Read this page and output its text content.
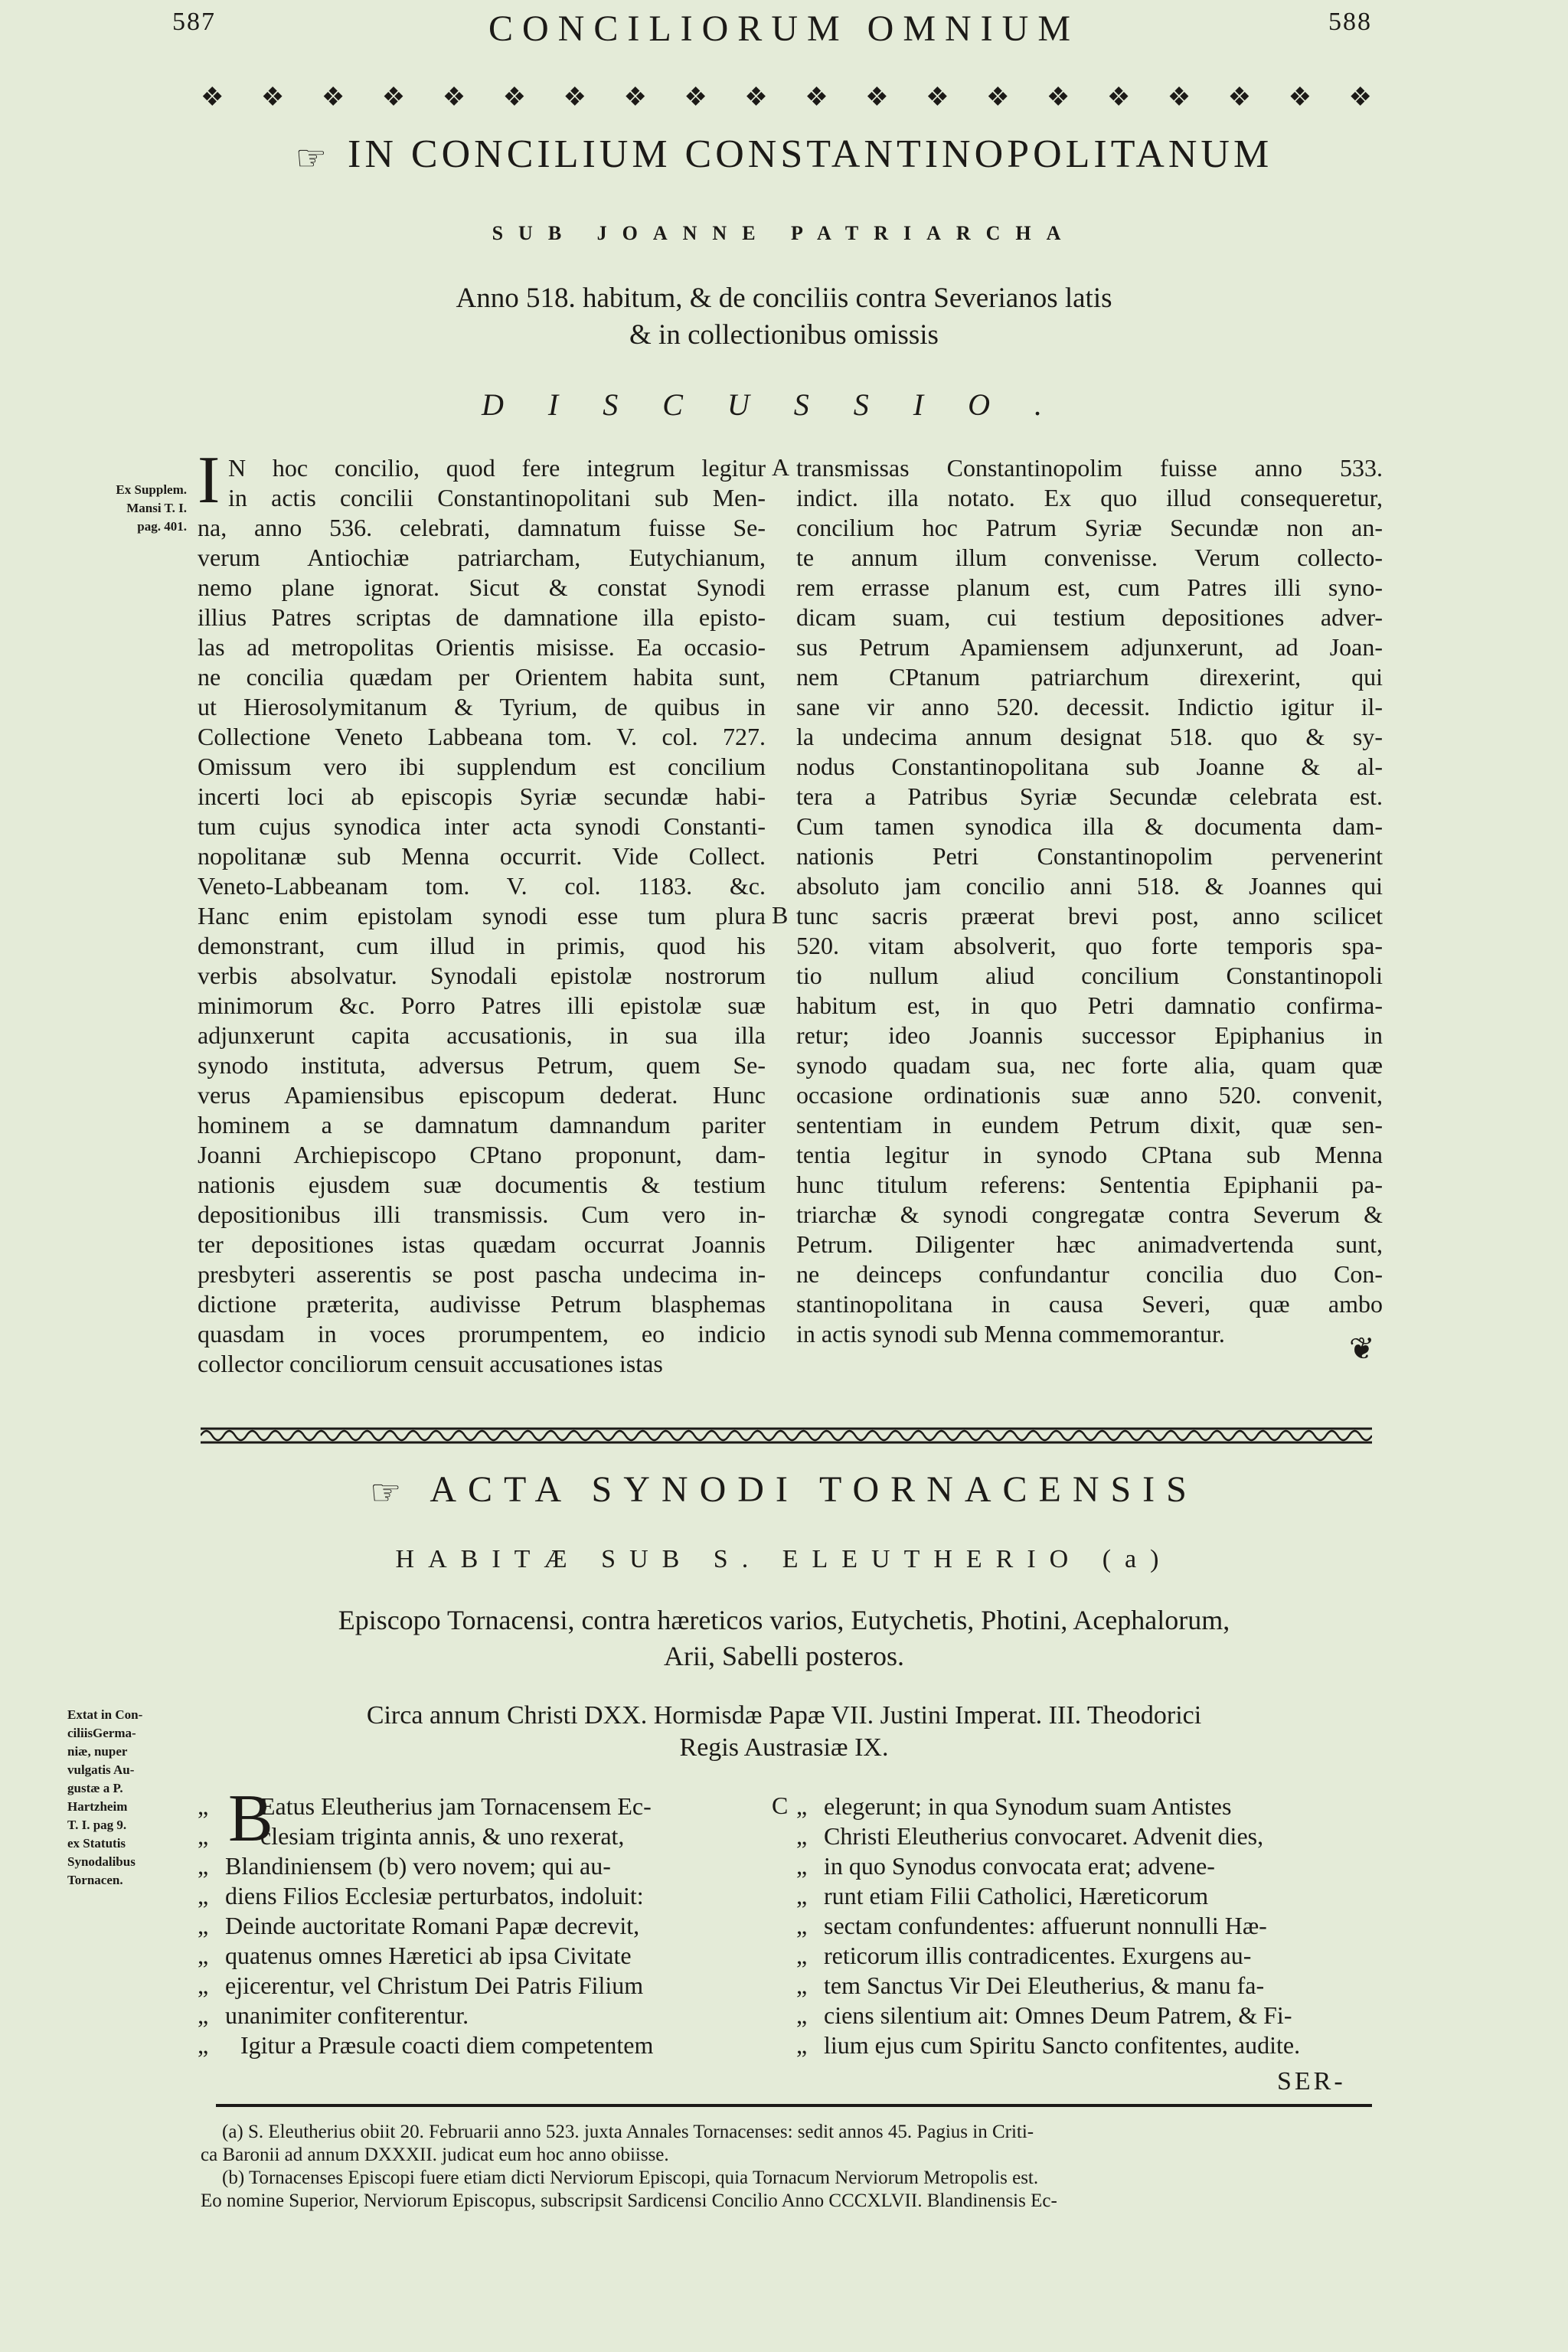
587	CONCILIORUM OMNIUM	588
❖ ❖ ❖ ❖ ❖ ❖ ❖ ❖ ❖ ❖ ❖ ❖ ❖ ❖ ❖ ❖ ❖ ❖ ❖ ❖
☞ IN CONCILIUM CONSTANTINOPOLITANUM
SUB JOANNE PATRIARCHA
Anno 518. habitum, & de conciliis contra Severianos latis
& in collectionibus omissis
DISCUSSIO.
Ex Supplem.
Mansi T. I.
pag. 401.
N hoc concilio, quod fere integrum legitur
in actis concilii Constantinopolitani sub Men-
na, anno 536. celebrati, damnatum fuisse Se-
verum Antiochiæ patriarcham, Eutychianum,
nemo plane ignorat. Sicut & constat Synodi
illius Patres scriptas de damnatione illa episto-
las ad metropolitas Orientis misisse. Ea occasio-
ne concilia quædam per Orientem habita sunt,
ut Hierosolymitanum & Tyrium, de quibus in
Collectione Veneto Labbeana tom. V. col. 727.
Omissum vero ibi supplendum est concilium
incerti loci ab episcopis Syriæ secundæ habi-
tum cujus synodica inter acta synodi Constanti-
nopolitanæ sub Menna occurrit. Vide Collect.
Veneto-Labbeanam tom. V. col. 1183. &c.
Hanc enim epistolam synodi esse tum plura
demonstrant, cum illud in primis, quod his
verbis absolvatur. Synodali epistolæ nostrorum
minimorum &c. Porro Patres illi epistolæ suæ
adjunxerunt capita accusationis, in sua illa
synodo instituta, adversus Petrum, quem Se-
verus Apamiensibus episcopum dederat. Hunc
hominem a se damnatum damnandum pariter
Joanni Archiepiscopo CPtano proponunt, dam-
nationis ejusdem suæ documentis & testium
depositionibus illi transmissis. Cum vero in-
ter depositiones istas quædam occurrat Joannis
presbyteri asserentis se post pascha undecima in-
dictione præterita, audivisse Petrum blasphemas
quasdam in voces prorumpentem, eo indicio
collector conciliorum censuit accusationes istas
I	A
B
transmissas Constantinopolim fuisse anno 533.
indict. illa notato. Ex quo illud consequeretur,
concilium hoc Patrum Syriæ Secundæ non an-
te annum illum convenisse. Verum collecto-
rem errasse planum est, cum Patres illi syno-
dicam suam, cui testium depositiones adver-
sus Petrum Apamiensem adjunxerunt, ad Joan-
nem CPtanum patriarchum direxerint, qui
sane vir anno 520. decessit. Indictio igitur il-
la undecima annum designat 518. quo & sy-
nodus Constantinopolitana sub Joanne & al-
tera a Patribus Syriæ Secundæ celebrata est.
Cum tamen synodica illa & documenta dam-
nationis Petri Constantinopolim pervenerint
absoluto jam concilio anni 518. & Joannes qui
tunc sacris præerat brevi post, anno scilicet
520. vitam absolverit, quo forte temporis spa-
tio nullum aliud concilium Constantinopoli
habitum est, in quo Petri damnatio confirma-
retur; ideo Joannis successor Epiphanius in
synodo quadam sua, nec forte alia, quam quæ
occasione ordinationis suæ anno 520. convenit,
sententiam in eundem Petrum dixit, quæ sen-
tentia legitur in synodo CPtana sub Menna
hunc titulum referens: Sententia Epiphanii pa-
triarchæ & synodi congregatæ contra Severum &
Petrum. Diligenter hæc animadvertenda sunt,
ne deinceps confundantur concilia duo Con-
stantinopolitana in causa Severi, quæ ambo
in actis synodi sub Menna commemorantur.	❦
☞ ACTA SYNODI TORNACENSIS
HABITÆ SUB S. ELEUTHERIO (a)
Episcopo Tornacensi, contra hæreticos varios, Eutychetis, Photini, Acephalorum,
Arii, Sabelli posteros.
Circa annum Christi DXX. Hormisdæ Papæ VII. Justini Imperat. III. Theodorici
Regis Austrasiæ IX.
Extat in Con-
ciliisGerma-
niæ, nuper
vulgatis Au-
gustæ a P.
Hartzheim
T. I. pag 9.
ex Statutis
Synodalibus
Tornacen.
„ Eatus Eleutherius jam Tornacensem Ec-
„ clesiam triginta annis, & uno rexerat,
„ Blandiniensem (b) vero novem; qui au-
„ diens Filios Ecclesiæ perturbatos, indoluit:
„ Deinde auctoritate Romani Papæ decrevit,
„ quatenus omnes Hæretici ab ipsa Civitate
„ ejicerentur, vel Christum Dei Patris Filium
„ unanimiter confiterentur.
„ Igitur a Præsule coacti diem competentem
B	C „ elegerunt; in qua Synodum suam Antistes
„ Christi Eleutherius convocaret. Advenit dies,
„ in quo Synodus convocata erat; advene-
„ runt etiam Filii Catholici, Hæreticorum
„ sectam confundentes: affuerunt nonnulli Hæ-
„ reticorum illis contradicentes. Exurgens au-
„ tem Sanctus Vir Dei Eleutherius, & manu fa-
„ ciens silentium ait: Omnes Deum Patrem, & Fi-
„ lium ejus cum Spiritu Sancto confitentes, audite.
SER-
(a) S. Eleutherius obiit 20. Februarii anno 523. juxta Annales Tornacenses: sedit annos 45. Pagius in Criti-
ca Baronii ad annum DXXXII. judicat eum hoc anno obiisse.
(b) Tornacenses Episcopi fuere etiam dicti Nerviorum Episcopi, quia Tornacum Nerviorum Metropolis est.
Eo nomine Superior, Nerviorum Episcopus, subscripsit Sardicensi Concilio Anno CCCXLVII. Blandinensis Ec-
